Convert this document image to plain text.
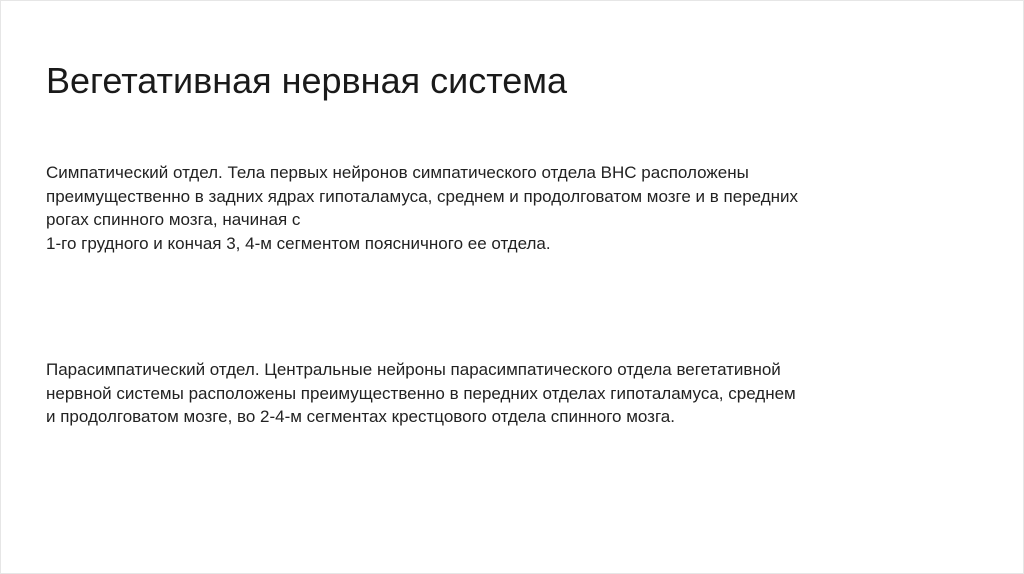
Вегетативная нервная система

Симпатический отдел. Тела первых нейронов симпатического отдела ВНС расположены
преимущественно в задних ядрах гипоталамуса, среднем и продолговатом мозге и в передних
рогах спинного мозга, начиная с
1-го грудного и кончая 3, 4-м сегментом поясничного ее отдела.

Парасимпатический отдел. Центральные нейроны парасимпатического отдела вегетативной
нервной системы расположены преимущественно в передних отделах гипоталамуса, среднем
и продолговатом мозге, во 2-4-м сегментах крестцового отдела спинного мозга.
